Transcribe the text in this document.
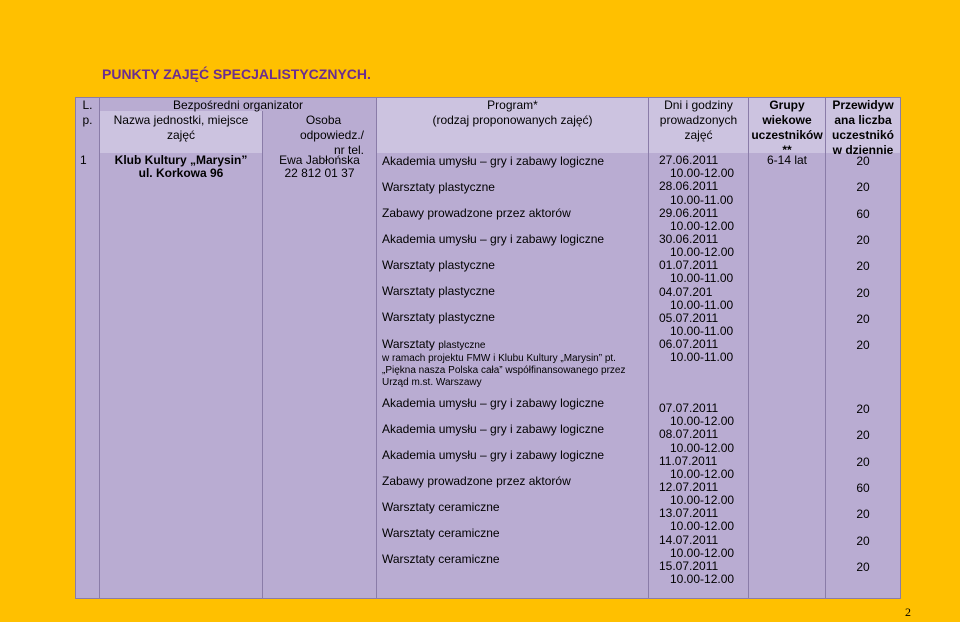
PUNKTY ZAJĘĆ SPECJALISTYCZNYCH.
L.
p.
Bezpośredni organizator
Nazwa jednostki, miejsce
zajęć
Osoba
odpowiedz./
nr tel.
Program*
(rodzaj proponowanych zajęć)
Dni i godziny
prowadzonych
zajęć
Grupy
wiekowe
uczestników
**
Przewidyw
ana liczba
uczestnikó
w dziennie
1	Klub Kultury „Marysin”
ul. Korkowa 96
Ewa Jabłońska
22 812 01 37
6-14 lat
Akademia umysłu – gry i zabawy logiczne
Warsztaty plastyczne
Zabawy prowadzone przez aktorów
Akademia umysłu – gry i zabawy logiczne
Warsztaty plastyczne
Warsztaty plastyczne
Warsztaty plastyczne
Warsztaty plastyczne
w ramach projektu FMW i Klubu Kultury „Marysin” pt.
„Piękna nasza Polska cała” współfinansowanego przez
Urząd m.st. Warszawy
Akademia umysłu – gry i zabawy logiczne
Akademia umysłu – gry i zabawy logiczne
Akademia umysłu – gry i zabawy logiczne
Zabawy prowadzone przez aktorów
Warsztaty ceramiczne
Warsztaty ceramiczne
Warsztaty ceramiczne
27.06.2011
10.00-12.00
28.06.2011
10.00-11.00
29.06.2011
10.00-12.00
30.06.2011
10.00-12.00
01.07.2011
10.00-11.00
04.07.201
10.00-11.00
05.07.2011
10.00-11.00
06.07.2011
10.00-11.00
07.07.2011
10.00-12.00
08.07.2011
10.00-12.00
11.07.2011
10.00-12.00
12.07.2011
10.00-12.00
13.07.2011
10.00-12.00
14.07.2011
10.00-12.00
15.07.2011
10.00-12.00
20
20
60
20
20
20
20
20
20
20
20
60
20
20
20
2
